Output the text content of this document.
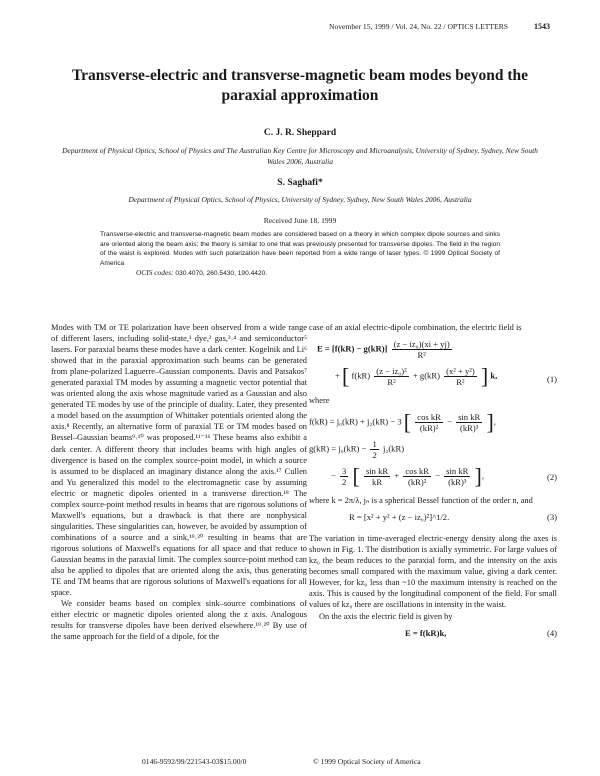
November 15, 1999 / Vol. 24, No. 22 / OPTICS LETTERS	1543
Transverse-electric and transverse-magnetic beam modes beyond the paraxial approximation
C. J. R. Sheppard
Department of Physical Optics, School of Physics and The Australian Key Centre for Microscopy and Microanalysis, University of Sydney, Sydney, New South Wales 2006, Australia
S. Saghafi*
Department of Physical Optics, School of Physics, University of Sydney, Sydney, New South Wales 2006, Australia
Received June 18, 1999
Transverse-electric and transverse-magnetic beam modes are considered based on a theory in which complex dipole sources and sinks are oriented along the beam axis; the theory is similar to one that was previously presented for transverse dipoles. The field in the region of the waist is explored. Modes with such polarization have been reported from a wide range of laser types. © 1999 Optical Society of America
OCIS codes: 030.4070, 260.5430, 190.4420.

Modes with TM or TE polarization have been observed from a wide range of different lasers, including solid-state,¹ dye,² gas,³˒⁴ and semiconductor⁵ lasers. For paraxial beams these modes have a dark center. Kogelnik and Li⁶ showed that in the paraxial approximation such beams can be generated from plane-polarized Laguerre–Gaussian components. Davis and Patsakos⁷ generated paraxial TM modes by assuming a magnetic vector potential that was oriented along the axis whose magnitude varied as a Gaussian and also generated TE modes by use of the principle of duality. Later, they presented a model based on the assumption of Whittaker potentials oriented along the axis.⁸ Recently, an alternative form of paraxial TE or TM modes based on Bessel–Gaussian beams⁹˒¹⁰ was proposed.¹¹⁻¹⁶ These beams also exhibit a dark center. A different theory that includes beams with high angles of divergence is based on the complex source-point model, in which a source is assumed to be displaced an imaginary distance along the axis.¹⁷ Cullen and Yu generalized this model to the electromagnetic case by assuming electric or magnetic dipoles oriented in a transverse direction.¹⁸ The complex source-point method results in beams that are rigorous solutions of Maxwell's equations, but a drawback is that there are nonphysical singularities. These singularities can, however, be avoided by assumption of combinations of a source and a sink,¹⁹˒²⁰ resulting in beams that are rigorous solutions of Maxwell's equations for all space and that reduce to Gaussian beams in the paraxial limit. The complex source-point method can also be applied to dipoles that are oriented along the axis, thus generating TE and TM beams that are rigorous solutions of Maxwell's equations for all space.

We consider beams based on complex sink–source combinations of either electric or magnetic dipoles oriented along the z axis. Analogous results for transverse dipoles have been derived elsewhere.¹⁹˒²⁰ By use of the same approach for the field of a dipole, for the

case of an axial electric-dipole combination, the electric field is

$E = [f(kR) - g(kR)] \frac{\text{(z − iz₀)(xi + yj)}}{\text{R²}}$
+ [ $f(kR) \frac{\text{(z − iz₀)²}}{\text{R²}} + g(kR) \frac{\text{(x² + y²)}}{\text{R²}}$ ] k,	(1)

where

f(kR) = j₀(kR) + j₂(kR) − 3 [ $\frac{\text{cos kR}}{\text{(kR)²}} - \frac{\text{sin kR}}{\text{(kR)³}}$ ],
$g(kR) = j_0(kR) - \frac{1}{2} j_2(kR)$
− $\frac{3}{2}$ [ $\frac{\text{sin kR}}{kR} + \frac{\text{cos kR}}{\text{(kR)²}} - \frac{\text{sin kR}}{\text{(kR)³}}$ ],	(2)

where k = 2π/λ, jₙ is a spherical Bessel function of the order n, and

R = [x² + y² + (z − iz₀)²]^1/2.	(3)

The variation in time-averaged electric-energy density along the axes is shown in Fig. 1. The distribution is axially symmetric. For large values of kz₀ the beam reduces to the paraxial form, and the intensity on the axis becomes small compared with the maximum value, giving a dark center. However, for kz₀ less than ~10 the maximum intensity is reached on the axis. This is caused by the longitudinal component of the field. For small values of kz₀ there are oscillations in intensity in the waist.

On the axis the electric field is given by

E = f(kR)k,	(4)
0146-9592/99/221543-03$15.00/0	© 1999 Optical Society of America
